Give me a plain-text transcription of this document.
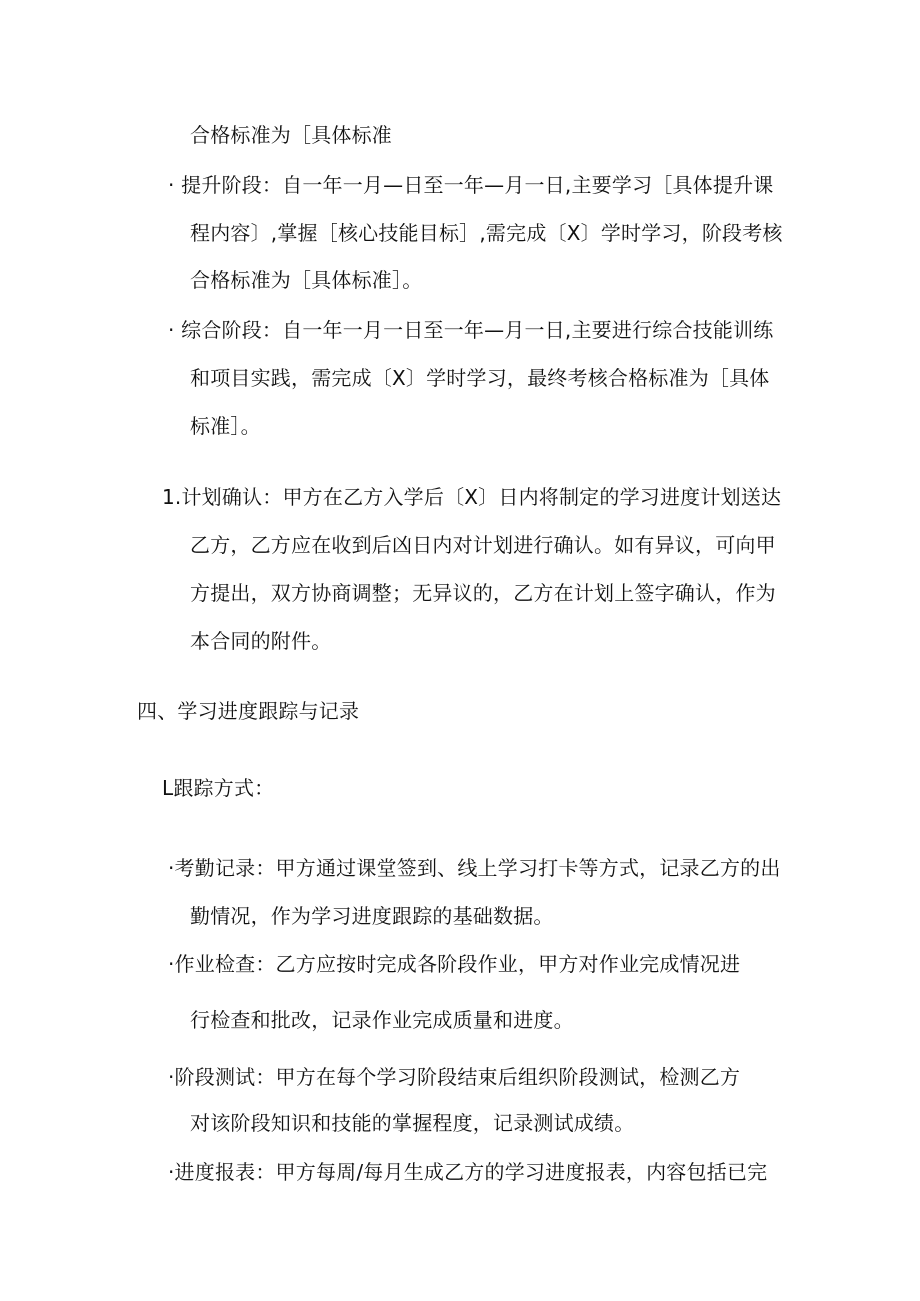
合格标准为［具体标准
· 提升阶段：自一年一月—日至一年—月一日,主要学习［具体提升课
程内容〕,掌握［核心技能目标］,需完成〔X〕学时学习，阶段考核
合格标准为［具体标准］。
· 综合阶段：自一年一月一日至一年—月一日,主要进行综合技能训练
和项目实践，需完成〔X〕学时学习，最终考核合格标准为［具体
标准］。
1.计划确认：甲方在乙方入学后〔X〕日内将制定的学习进度计划送达
乙方，乙方应在收到后凶日内对计划进行确认。如有异议，可向甲
方提出，双方协商调整；无异议的，乙方在计划上签字确认，作为
本合同的附件。
四、学习进度跟踪与记录
L跟踪方式：
·考勤记录：甲方通过课堂签到、线上学习打卡等方式，记录乙方的出
勤情况，作为学习进度跟踪的基础数据。
·作业检查：乙方应按时完成各阶段作业，甲方对作业完成情况进
行检查和批改，记录作业完成质量和进度。
·阶段测试：甲方在每个学习阶段结束后组织阶段测试，检测乙方
对该阶段知识和技能的掌握程度，记录测试成绩。
·进度报表：甲方每周/每月生成乙方的学习进度报表，内容包括已完
